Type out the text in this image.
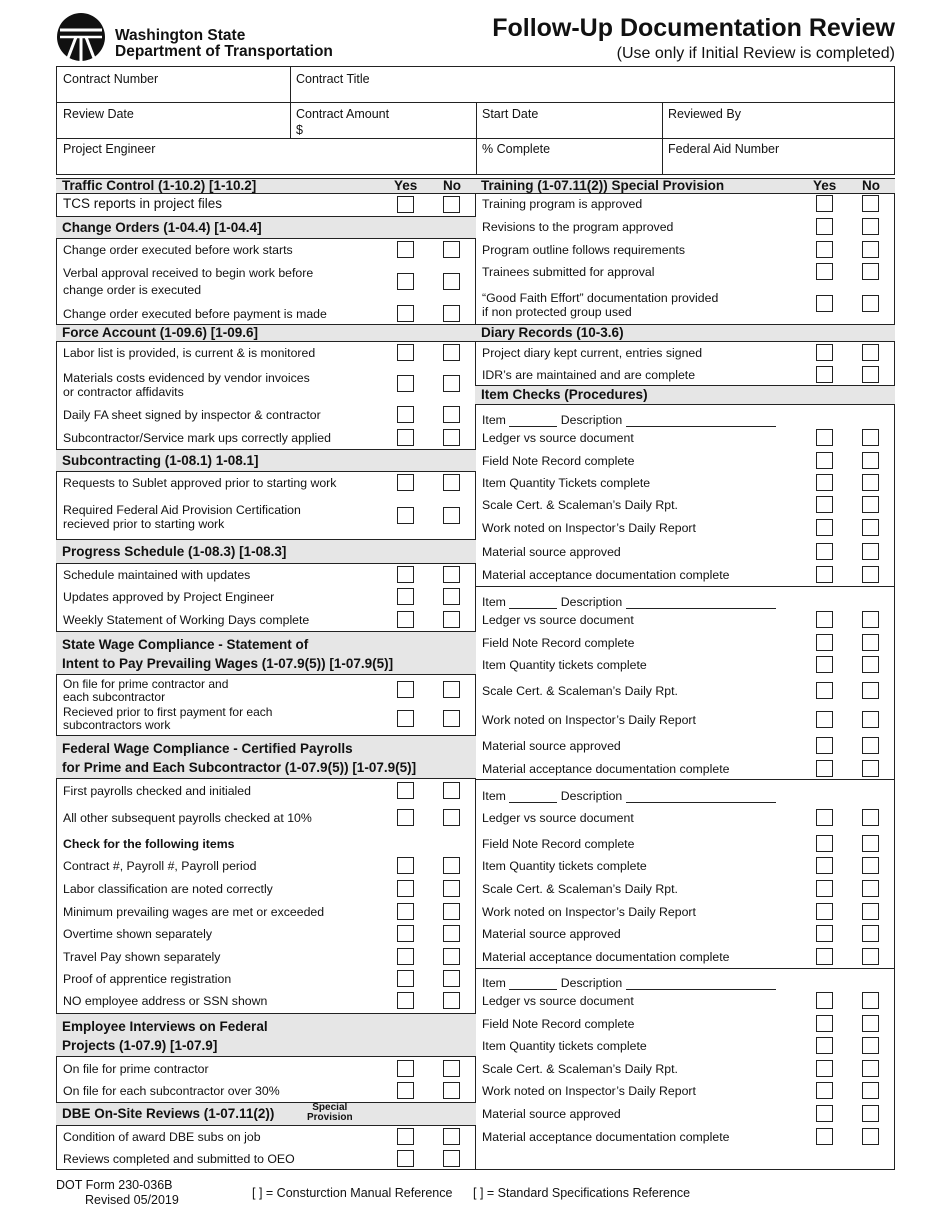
Washington State
Department of Transportation
Follow-Up Documentation Review
(Use only if Initial Review is completed)
Contract Number	Contract Title
Review Date	Contract Amount
$
Start Date	Reviewed By
Project Engineer	% Complete	Federal Aid Number
Traffic Control (1-10.2) [1-10.2]	Yes No
TCS reports in project files
Change Orders (1-04.4) [1-04.4]
Change order executed before work starts
Verbal approval received to begin work before
change order is executed
Change order executed before payment is made
Force Account (1-09.6) [1-09.6]
Labor list is provided, is current & is monitored
Materials costs evidenced by vendor invoices
or contractor affidavits
Daily FA sheet signed by inspector & contractor
Subcontractor/Service mark ups correctly applied
Subcontracting (1-08.1) 1-08.1]
Requests to Sublet approved prior to starting work
Required Federal Aid Provision Certification
recieved prior to starting work
Progress Schedule (1-08.3) [1-08.3]
Schedule maintained with updates
Updates approved by Project Engineer
Weekly Statement of Working Days complete
State Wage Compliance - Statement of
Intent to Pay Prevailing Wages (1-07.9(5)) [1-07.9(5)]
On file for prime contractor and
each subcontractor
Recieved prior to first payment for each
subcontractors work
Federal Wage Compliance - Certified Payrolls
for Prime and Each Subcontractor (1-07.9(5)) [1-07.9(5)]
First payrolls checked and initialed
All other subsequent payrolls checked at 10%
Check for the following items
Contract #, Payroll #, Payroll period
Labor classification are noted correctly
Minimum prevailing wages are met or exceeded
Overtime shown separately
Travel Pay shown separately
Proof of apprentice registration
NO employee address or SSN shown
Employee Interviews on Federal
Projects (1-07.9) [1-07.9]
On file for prime contractor
On file for each subcontractor over 30%
DBE On-Site Reviews (1-07.11(2))	Special
Provision
Condition of award DBE subs on job
Reviews completed and submitted to OEO
Training (1-07.11(2)) Special Provision	Yes No
Training program is approved
Revisions to the program approved
Program outline follows requirements
Trainees submitted for approval
“Good Faith Effort” documentation provided
if non protected group used
Diary Records (10-3.6)
Project diary kept current, entries signed
IDR’s are maintained and are complete
Item Checks (Procedures)
Item	Description
Ledger vs source document
Field Note Record complete
Item Quantity Tickets complete
Scale Cert. & Scaleman’s Daily Rpt.
Work noted on Inspector’s Daily Report
Material source approved
Material acceptance documentation complete
Item	Description
Ledger vs source document
Field Note Record complete
Item Quantity tickets complete
Scale Cert. & Scaleman’s Daily Rpt.
Work noted on Inspector’s Daily Report
Material source approved
Material acceptance documentation complete
Item	Description
Ledger vs source document
Field Note Record complete
Item Quantity tickets complete
Scale Cert. & Scaleman’s Daily Rpt.
Work noted on Inspector’s Daily Report
Material source approved
Material acceptance documentation complete
Item	Description
Ledger vs source document
Field Note Record complete
Item Quantity tickets complete
Scale Cert. & Scaleman’s Daily Rpt.
Work noted on Inspector’s Daily Report
Material source approved
Material acceptance documentation complete
DOT Form 230-036B
Revised 05/2019	[ ] = Consturction Manual Reference [ ] = Standard Specifications Reference
